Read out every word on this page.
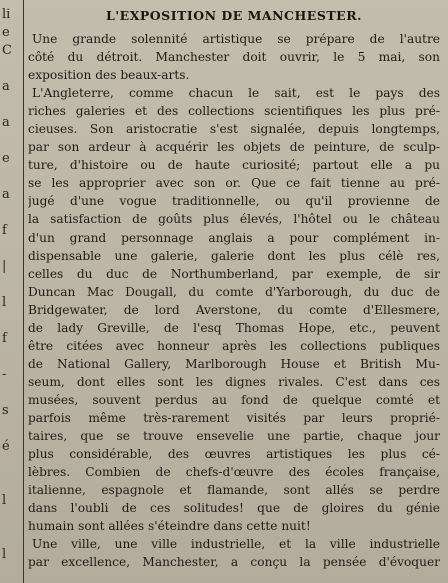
li
e
C
a
a
e
a
f
|
l
f
-
s
é
l
l
L'EXPOSITION DE MANCHESTER.
Une grande solennité artistique se prépare de l'autre
côté du détroit. Manchester doit ouvrir, le 5 mai, son
exposition des beaux-arts.
L'Angleterre, comme chacun le sait, est le pays des
riches galeries et des collections scientifiques les plus pré-
cieuses. Son aristocratie s'est signalée, depuis longtemps,
par son ardeur à acquérir les objets de peinture, de sculp-
ture, d'histoire ou de haute curiosité; partout elle a pu
se les approprier avec son or. Que ce fait tienne au pré-
jugé d'une vogue traditionnelle, ou qu'il provienne de
la satisfaction de goûts plus élevés, l'hôtel ou le château
d'un grand personnage anglais a pour complément in-
dispensable une galerie, galerie dont les plus célè res,
celles du duc de Northumberland, par exemple, de sir
Duncan Mac Dougall, du comte d'Yarborough, du duc de
Bridgewater, de lord Averstone, du comte d'Ellesmere,
de lady Greville, de l'esq Thomas Hope, etc., peuvent
être citées avec honneur après les collections publiques
de National Gallery, Marlborough House et British Mu-
seum, dont elles sont les dignes rivales. C'est dans ces
musées, souvent perdus au fond de quelque comté et
parfois même très-rarement visités par leurs proprié-
taires, que se trouve ensevelie une partie, chaque jour
plus considérable, des œuvres artistiques les plus cé-
lèbres. Combien de chefs-d'œuvre des écoles française,
italienne, espagnole et flamande, sont allés se perdre
dans l'oubli de ces solitudes! que de gloires du génie
humain sont allées s'éteindre dans cette nuit!
Une ville, une ville industrielle, et la ville industrielle
par excellence, Manchester, a conçu la pensée d'évoquer
